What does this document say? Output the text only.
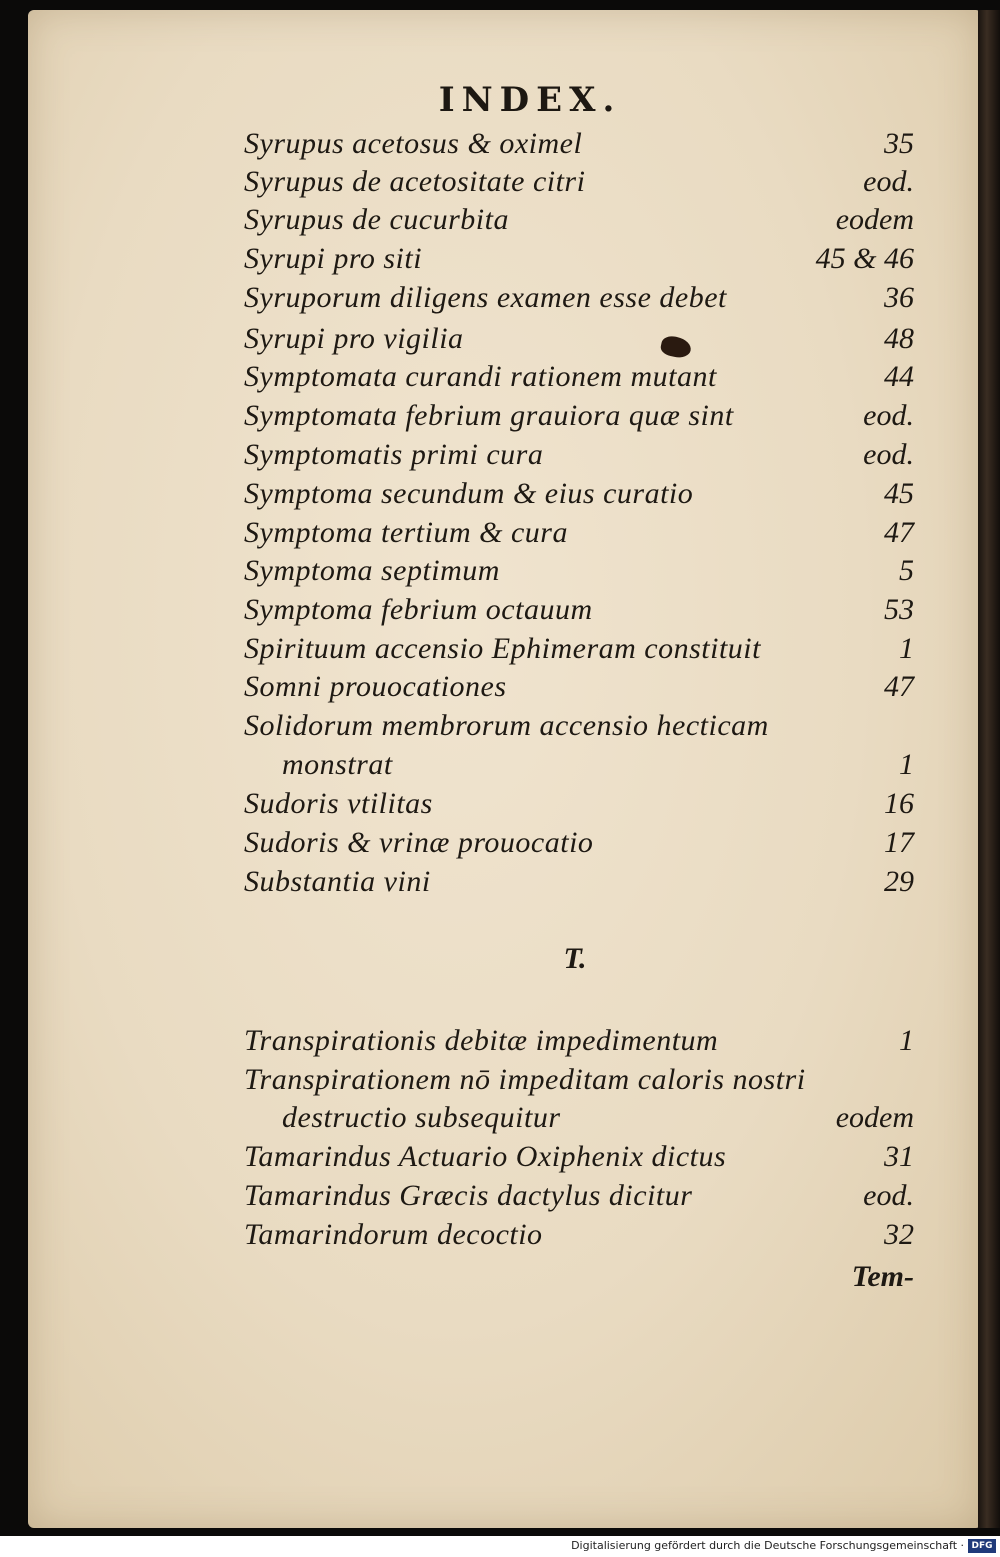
INDEX.
Syrupus acetosus & oximel	35
Syrupus de acetositate citri	eod.
Syrupus de cucurbita	eodem
Syrupi pro siti	45 & 46
Syruporum diligens examen esse debet	36
Syrupi pro vigilia	48
Symptomata curandi rationem mutant	44
Symptomata febrium grauiora quæ sint	eod.
Symptomatis primi cura	eod.
Symptoma secundum & eius curatio	45
Symptoma tertium & cura	47
Symptoma septimum	5
Symptoma febrium octauum	53
Spirituum accensio Ephimeram constituit	1
Somni prouocationes	47
Solidorum membrorum accensio hecticam
monstrat	1
Sudoris vtilitas	16
Sudoris & vrinæ prouocatio	17
Substantia vini	29
T.
Transpirationis debitæ impedimentum	1
Transpirationem nō impeditam caloris nostri
destructio subsequitur	eodem
Tamarindus Actuario Oxiphenix dictus	31
Tamarindus Græcis dactylus dicitur	eod.
Tamarindorum decoctio	32
Tem-
Digitalisierung gefördert durch die Deutsche Forschungsgemeinschaft · DFG
